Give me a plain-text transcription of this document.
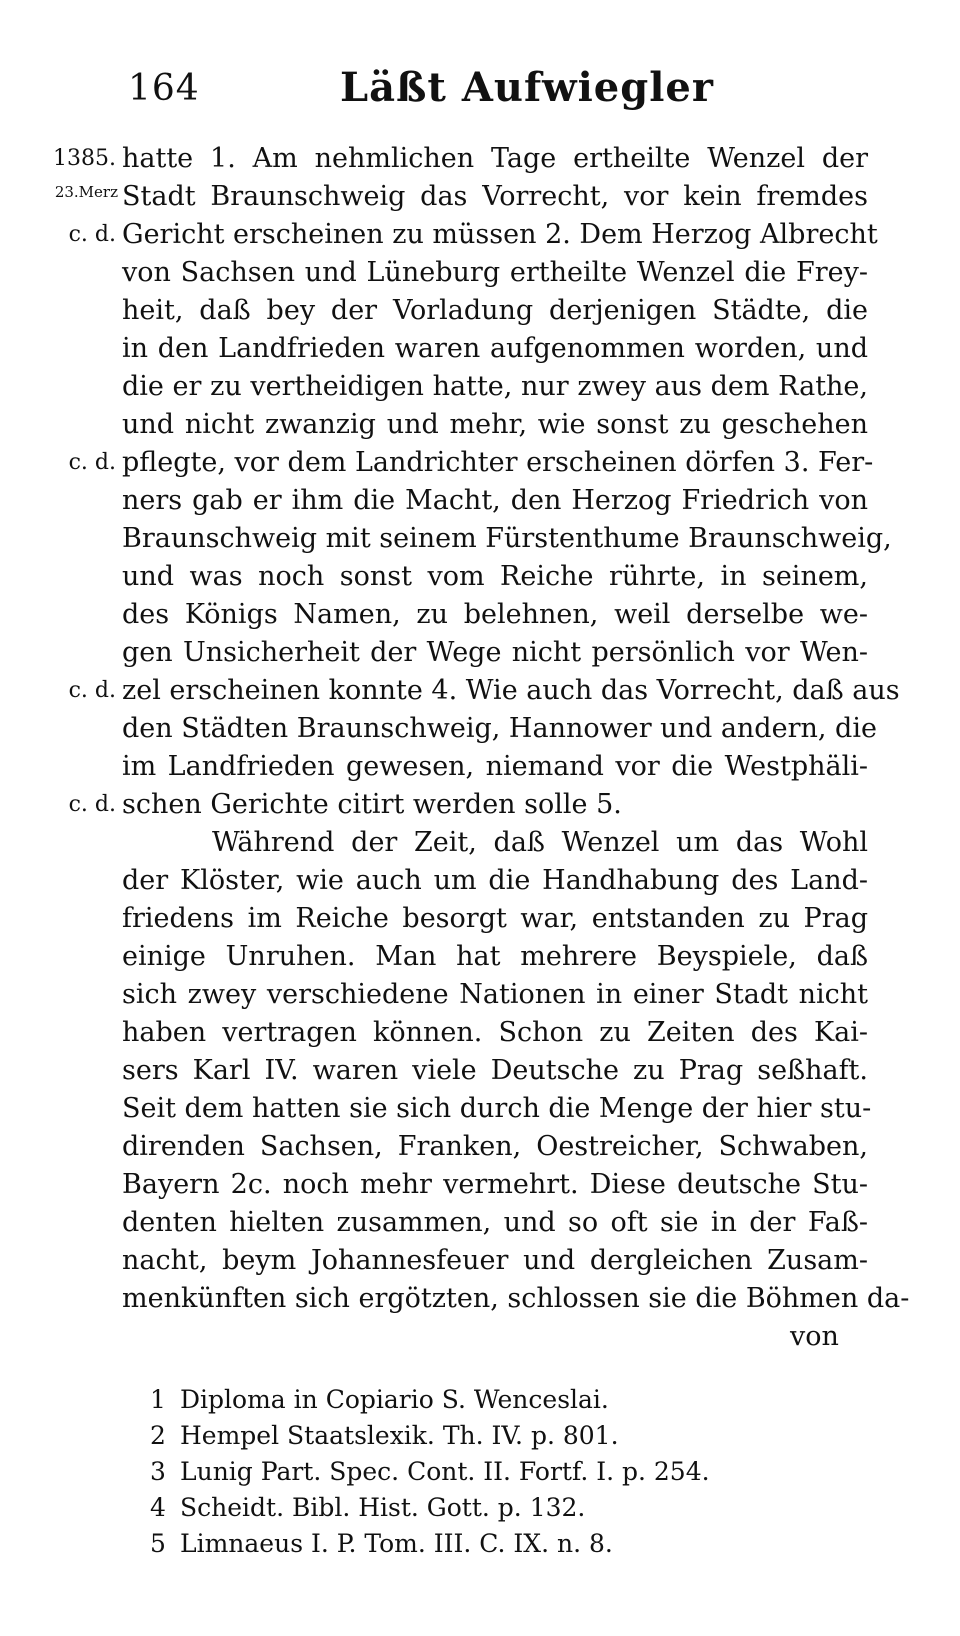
164	Läßt Aufwiegler
1385.
23.Merz
c. d.
c. d.
c. d.
c. d.
hatte 1. Am nehmlichen Tage ertheilte Wenzel der
Stadt Braunschweig das Vorrecht, vor kein fremdes
Gericht erscheinen zu müssen 2. Dem Herzog Albrecht
von Sachsen und Lüneburg ertheilte Wenzel die Frey-
heit, daß bey der Vorladung derjenigen Städte, die
in den Landfrieden waren aufgenommen worden, und
die er zu vertheidigen hatte, nur zwey aus dem Rathe,
und nicht zwanzig und mehr, wie sonst zu geschehen
pflegte, vor dem Landrichter erscheinen dörfen 3. Fer-
ners gab er ihm die Macht, den Herzog Friedrich von
Braunschweig mit seinem Fürstenthume Braunschweig,
und was noch sonst vom Reiche rührte, in seinem,
des Königs Namen, zu belehnen, weil derselbe we-
gen Unsicherheit der Wege nicht persönlich vor Wen-
zel erscheinen konnte 4. Wie auch das Vorrecht, daß aus
den Städten Braunschweig, Hannower und andern, die
im Landfrieden gewesen, niemand vor die Westphäli-
schen Gerichte citirt werden solle 5.
Während der Zeit, daß Wenzel um das Wohl
der Klöster, wie auch um die Handhabung des Land-
friedens im Reiche besorgt war, entstanden zu Prag
einige Unruhen. Man hat mehrere Beyspiele, daß
sich zwey verschiedene Nationen in einer Stadt nicht
haben vertragen können. Schon zu Zeiten des Kai-
sers Karl IV. waren viele Deutsche zu Prag seßhaft.
Seit dem hatten sie sich durch die Menge der hier stu-
direnden Sachsen, Franken, Oestreicher, Schwaben,
Bayern 2c. noch mehr vermehrt. Diese deutsche Stu-
denten hielten zusammen, und so oft sie in der Faß-
nacht, beym Johannesfeuer und dergleichen Zusam-
menkünften sich ergötzten, schlossen sie die Böhmen da-
von
1 Diploma in Copiario S. Wenceslai.
2 Hempel Staatslexik. Th. IV. p. 801.
3 Lunig Part. Spec. Cont. II. Fortf. I. p. 254.
4 Scheidt. Bibl. Hist. Gott. p. 132.
5 Limnaeus I. P. Tom. III. C. IX. n. 8.
